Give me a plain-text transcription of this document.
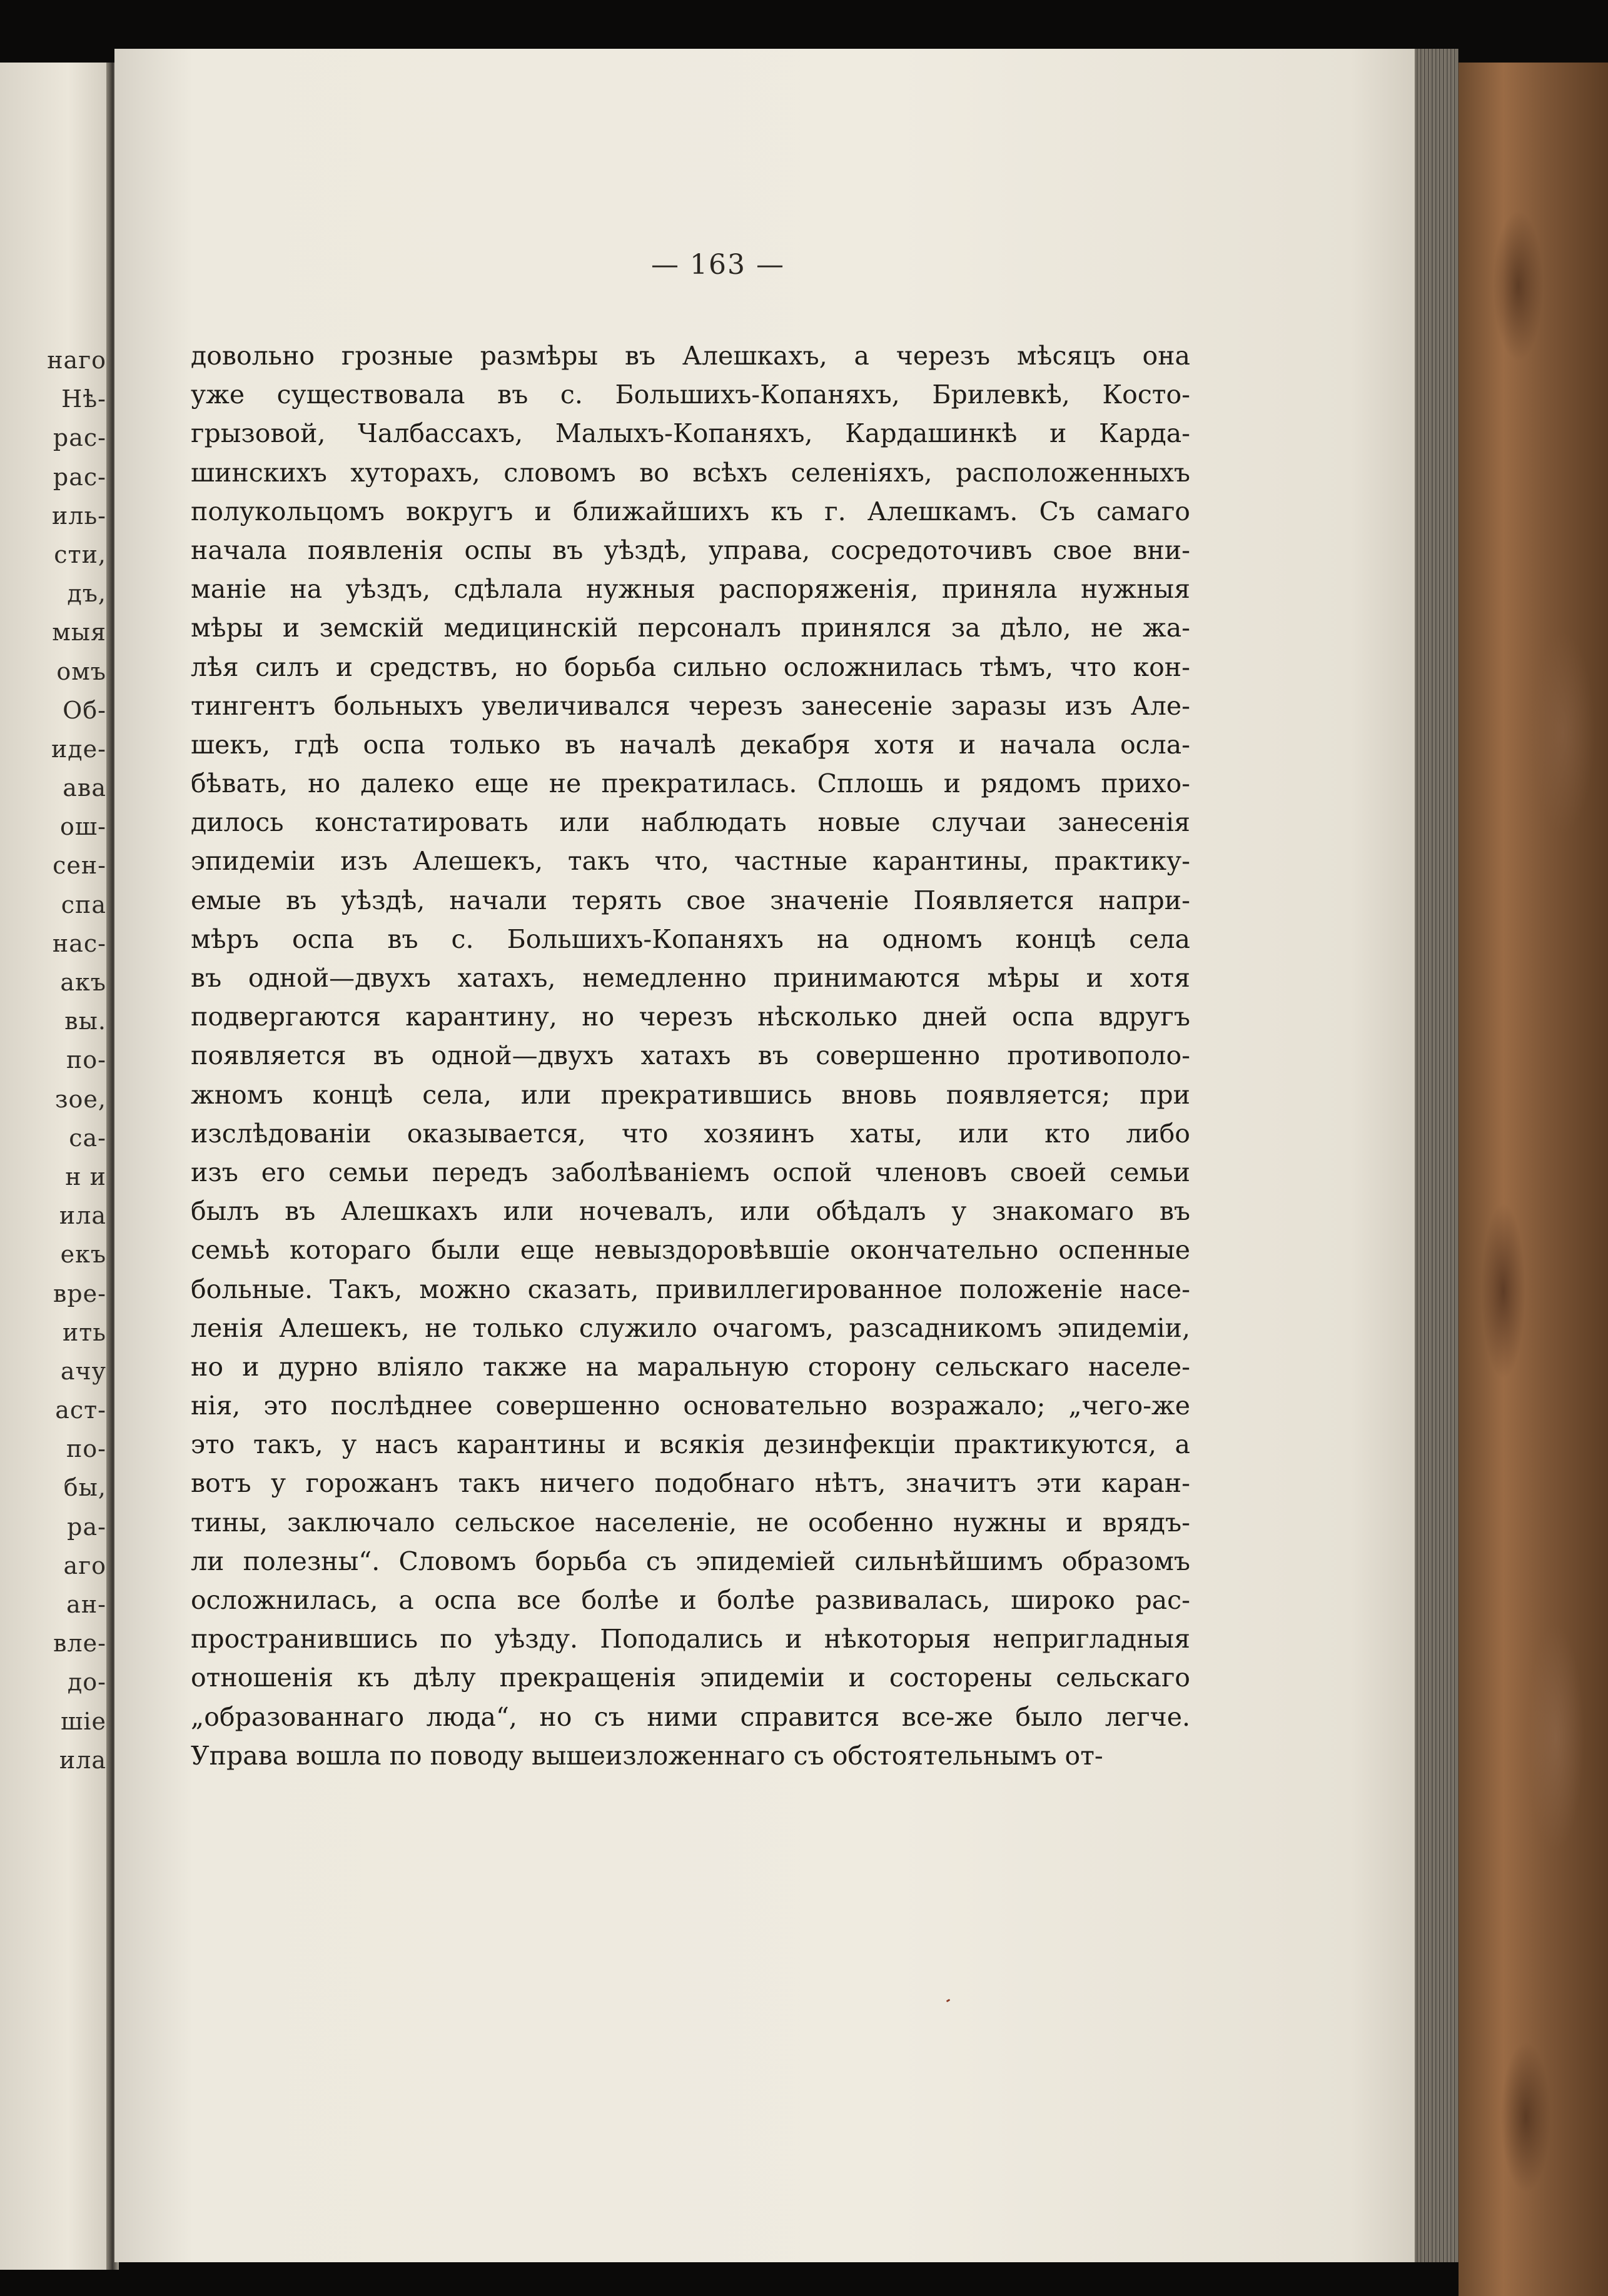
наго
Нѣ-
рас-
рас-
иль-
сти,
дъ,
мыя
омъ
Об-
иде-
ава
ош-
сен-
спа
нас-
акъ
вы.
по-
зое,
са-
н и
ила
екъ
вре-
ить
ачу
аст-
по-
бы,
ра-
аго
ан-
вле-
до-
шіе
ила
— 163 —
довольно грозные размѣры въ Алешкахъ, а черезъ мѣсяцъ она
уже существовала въ с. Большихъ-Копаняхъ, Брилевкѣ, Косто-
грызовой, Чалбассахъ, Малыхъ-Копаняхъ, Кардашинкѣ и Карда-
шинскихъ хуторахъ, словомъ во всѣхъ селеніяхъ, расположенныхъ
полукольцомъ вокругъ и ближайшихъ къ г. Алешкамъ. Съ самаго
начала появленія оспы въ уѣздѣ, управа, сосредоточивъ свое вни-
маніе на уѣздъ, сдѣлала нужныя распоряженія, приняла нужныя
мѣры и земскій медицинскій персоналъ принялся за дѣло, не жа-
лѣя силъ и средствъ, но борьба сильно осложнилась тѣмъ, что кон-
тингентъ больныхъ увеличивался черезъ занесеніе заразы изъ Але-
шекъ, гдѣ оспа только въ началѣ декабря хотя и начала осла-
бѣвать, но далеко еще не прекратилась. Сплошь и рядомъ прихо-
дилось констатировать или наблюдать новые случаи занесенія
эпидеміи изъ Алешекъ, такъ что, частные карантины, практику-
емые въ уѣздѣ, начали терять свое значеніе Появляется напри-
мѣръ оспа въ с. Большихъ-Копаняхъ на одномъ концѣ села
въ одной—двухъ хатахъ, немедленно принимаются мѣры и хотя
подвергаются карантину, но черезъ нѣсколько дней оспа вдругъ
появляется въ одной—двухъ хатахъ въ совершенно противополо-
жномъ концѣ села, или прекратившись вновь появляется; при
изслѣдованіи оказывается, что хозяинъ хаты, или кто либо
изъ его семьи передъ заболѣваніемъ оспой членовъ своей семьи
былъ въ Алешкахъ или ночевалъ, или обѣдалъ у знакомаго въ
семьѣ котораго были еще невыздоровѣвшіе окончательно оспенные
больные. Такъ, можно сказать, привиллегированное положеніе насе-
ленія Алешекъ, не только служило очагомъ, разсадникомъ эпидеміи,
но и дурно вліяло также на маральную сторону сельскаго населе-
нія, это послѣднее совершенно основательно возражало; „чего-же
это такъ, у насъ карантины и всякія дезинфекціи практикуются, а
вотъ у горожанъ такъ ничего подобнаго нѣтъ, значитъ эти каран-
тины, заключало сельское населеніе, не особенно нужны и врядъ-
ли полезны“. Словомъ борьба съ эпидеміей сильнѣйшимъ образомъ
осложнилась, а оспа все болѣе и болѣе развивалась, широко рас-
пространившись по уѣзду. Поподались и нѣкоторыя непригладныя
отношенія къ дѣлу прекращенія эпидеміи и состорены сельскаго
„образованнаго люда“, но съ ними справится все-же было легче.
Управа вошла по поводу вышеизложеннаго съ обстоятельнымъ от-
